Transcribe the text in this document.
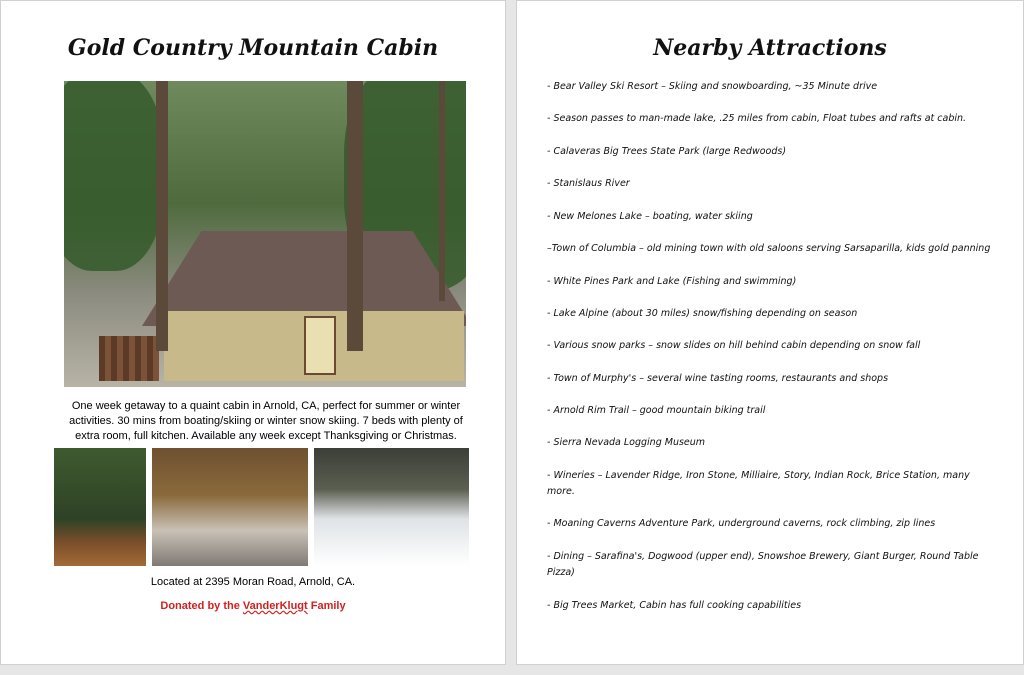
Gold Country Mountain Cabin
One week getaway to a quaint cabin in Arnold, CA, perfect for summer or winter activities. 30 mins from boating/skiing or winter snow skiing. 7 beds with plenty of extra room, full kitchen. Available any week except Thanksgiving or Christmas.
Located at 2395 Moran Road, Arnold, CA.
Donated by the VanderKlugt Family
Nearby Attractions
- Bear Valley Ski Resort – Skiing and snowboarding, ~35 Minute drive
- Season passes to man-made lake, .25 miles from cabin, Float tubes and rafts at cabin.
- Calaveras Big Trees State Park (large Redwoods)
- Stanislaus River
- New Melones Lake – boating, water skiing
–Town of Columbia – old mining town with old saloons serving Sarsaparilla, kids gold panning
- White Pines Park and Lake (Fishing and swimming)
- Lake Alpine (about 30 miles) snow/fishing depending on season
- Various snow parks – snow slides on hill behind cabin depending on snow fall
- Town of Murphy's – several wine tasting rooms, restaurants and shops
- Arnold Rim Trail – good mountain biking trail
- Sierra Nevada Logging Museum
- Wineries – Lavender Ridge, Iron Stone, Milliaire, Story, Indian Rock, Brice Station, many more.
- Moaning Caverns Adventure Park, underground caverns, rock climbing, zip lines
- Dining – Sarafina's, Dogwood (upper end), Snowshoe Brewery, Giant Burger, Round Table Pizza)
- Big Trees Market, Cabin has full cooking capabilities
